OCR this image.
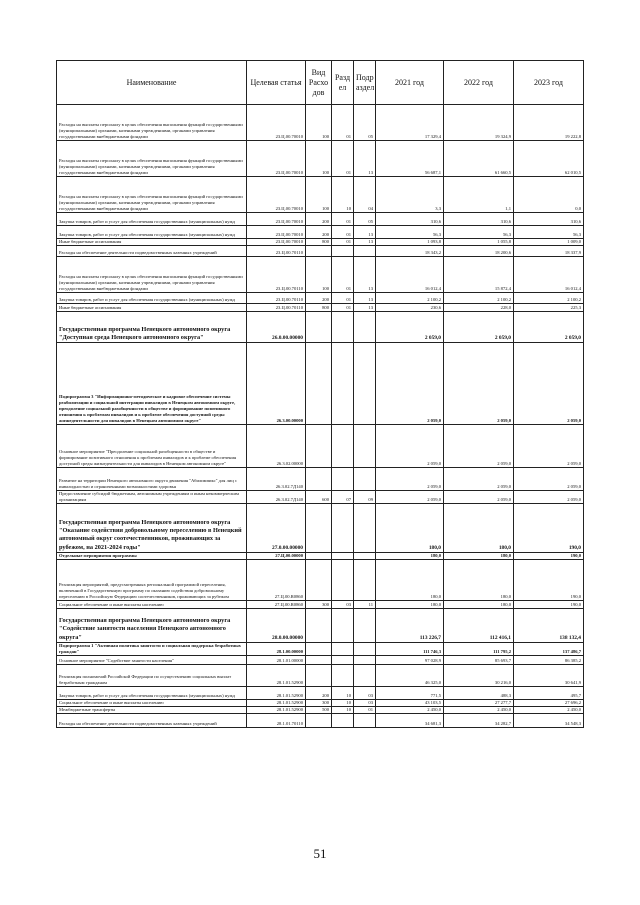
Наименование	Целевая статья	Вид Расхо дов	Разд ел	Подр аздел	2021 год	2022 год	2023 год
Расходы на выплаты персоналу в целях обеспечения выполнения функций государственными (муниципальными) органами, казенными учреждениями, органами управления государственными внебюджетными фондами	23.Ц.00.70010	100	01	05	17 329,4	19 324,9	19 222,8
Расходы на выплаты персоналу в целях обеспечения выполнения функций государственными (муниципальными) органами, казенными учреждениями, органами управления государственными внебюджетными фондами	23.Ц.00.70010	100	01	13	56 687,1	61 660,5	62 010,5
Расходы на выплаты персоналу в целях обеспечения выполнения функций государственными (муниципальными) органами, казенными учреждениями, органами управления государственными внебюджетными фондами	23.Ц.00.70010	100	10	04	3,3	1,1	0,0
Закупка товаров, работ и услуг для обеспечения государственных (муниципальных) нужд	23.Ц.00.70010	200	01	05	310,6	310,6	310,6
Закупка товаров, работ и услуг для обеспечения государственных (муниципальных) нужд	23.Ц.00.70010	200	01	13	56,3	56,3	56,3
Иные бюджетные ассигнования	23.Ц.00.70010	800	01	13	1 093,8	1 055,8	1 009,0
Расходы на обеспечение деятельности подведомственных казенных учреждений	23.Ц.00.70110				18 343,2	18 200,6	18 337,9
Расходы на выплаты персоналу в целях обеспечения выполнения функций государственными (муниципальными) органами, казенными учреждениями, органами управления государственными внебюджетными фондами	23.Ц.00.70110	100	01	13	16 012,4	15 872,4	16 012,4
Закупка товаров, работ и услуг для обеспечения государственных (муниципальных) нужд	23.Ц.00.70110	200	01	13	2 100,2	2 100,2	2 100,2
Иные бюджетные ассигнования	23.Ц.00.70110	800	01	13	230,6	228,0	225,3
Государственная программа Ненецкого автономного округа "Доступная среда Ненецкого автономного округа"	26.0.00.00000				2 059,0	2 059,0	2 059,0
Подпрограмма 3 "Информационно-методическое и кадровое обеспечение системы реабилитации и социальной интеграции инвалидов в Ненецком автономном округе, преодоление социальной разобщенности в обществе и формирование позитивного отношения к проблемам инвалидов и к проблеме обеспечения доступной среды жизнедеятельности для инвалидов в Ненецком автономном округе"	26.3.00.00000				2 059,0	2 059,0	2 059,0
Основное мероприятие "Преодоление социальной разобщенности в обществе и формирование позитивного отношения к проблемам инвалидов и к проблеме обеспечения доступной среды жизнедеятельности для инвалидов в Ненецком автономном округе"	26.3.02.00000				2 059,0	2 059,0	2 059,0
Развитие на территории Ненецкого автономного округа движения "Абилимпикс" для лиц с инвалидностью и ограниченными возможностями здоровья	26.3.02.7Д140				2 059,0	2 059,0	2 059,0
Предоставление субсидий бюджетным, автономным учреждениям и иным некоммерческим организациям	26.3.02.7Д140	600	07	09	2 059,0	2 059,0	2 059,0
Государственная программа Ненецкого автономного округа "Оказание содействия добровольному переселению в Ненецкий автономный округ соотечественников, проживающих за рубежом, на 2021-2024 годы"	27.0.00.00000				180,0	180,0	190,0
Отдельные мероприятия программы	27.Ц.00.00000				180,0	180,0	190,0
Реализация мероприятий, предусмотренных региональной программой переселения, включенной в Государственную программу по оказанию содействия добровольному переселению в Российскую Федерацию соотечественников, проживающих за рубежом	27.Ц.00.R0860				180,0	180,0	190,0
Социальное обеспечение и иные выплаты населению	27.Ц.00.R0860	300	03	11	180,0	180,0	190,0
Государственная программа Ненецкого автономного округа "Содействие занятости населения Ненецкого автономного округа"	28.0.00.00000				113 226,7	112 416,1	138 132,4
Подпрограмма 1 "Активная политика занятости и социальная поддержка безработных граждан"	28.1.00.00000				111 746,3	111 795,2	137 486,7
Основное мероприятие "Содействие занятости населения"	28.1.01.00000				97 028,9	85 693,7	86 385,2
Реализация полномочий Российской Федерации по осуществлению социальных выплат безработным гражданам	28.1.01.52900				46 325,0	30 216,0	30 641,9
Закупка товаров, работ и услуг для обеспечения государственных (муниципальных) нужд	28.1.01.52900	200	10	03	771,5	488,3	495,7
Социальное обеспечение и иные выплаты населению	28.1.01.52900	300	10	03	43 103,5	27 277,7	27 696,2
Межбюджетные трансферты	28.1.01.52900	500	10	01	2 450,0	2 450,0	2 450,0
Расходы на обеспечение деятельности подведомственных казенных учреждений	28.1.01.70110				34 681,3	34 282,7	34 548,3
51
